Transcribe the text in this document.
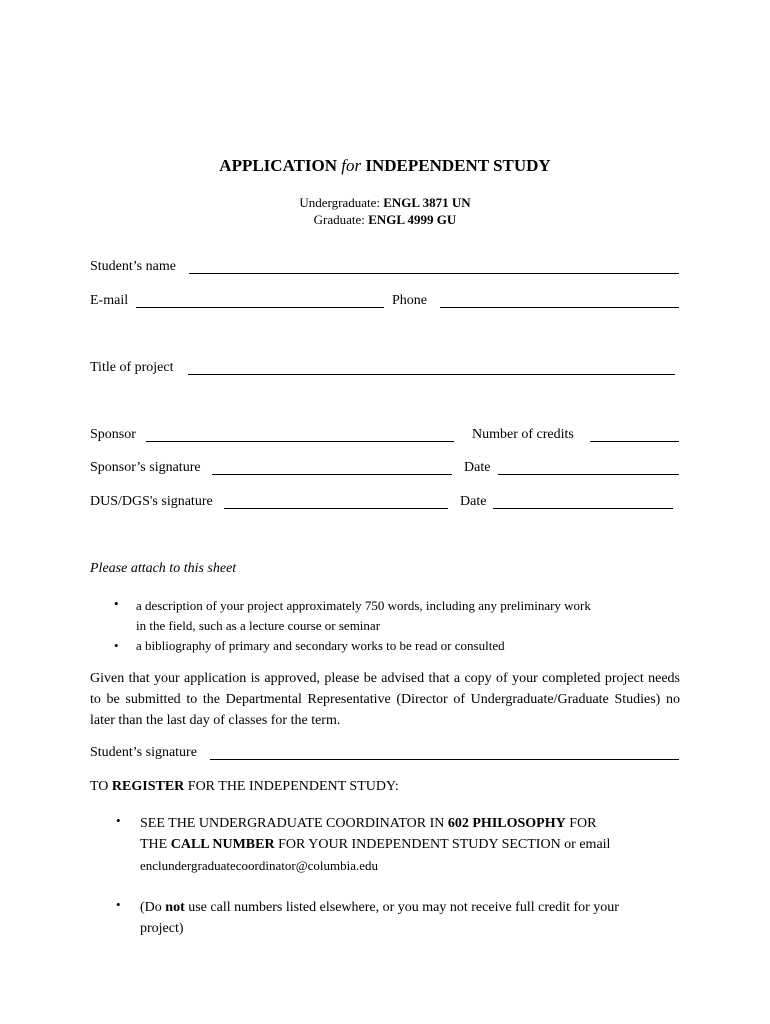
APPLICATION for INDEPENDENT STUDY
Undergraduate: ENGL 3871 UN
Graduate: ENGL 4999 GU
Student’s name
E-mail	Phone
Title of project
Sponsor	Number of credits
Sponsor’s signature	Date
DUS/DGS's signature	Date
Please attach to this sheet
• a description of your project approximately 750 words, including any preliminary work
in the field, such as a lecture course or seminar
• a bibliography of primary and secondary works to be read or consulted
Given that your application is approved, please be advised that a copy of your completed project needs to be submitted to the Departmental Representative (Director of Undergraduate/Graduate Studies) no later than the last day of classes for the term.
Student’s signature
TO REGISTER FOR THE INDEPENDENT STUDY:
• SEE THE UNDERGRADUATE COORDINATOR IN 602 PHILOSOPHY FOR
THE CALL NUMBER FOR YOUR INDEPENDENT STUDY SECTION or email
enclundergraduatecoordinator@columbia.edu
• (Do not use call numbers listed elsewhere, or you may not receive full credit for your
project)
